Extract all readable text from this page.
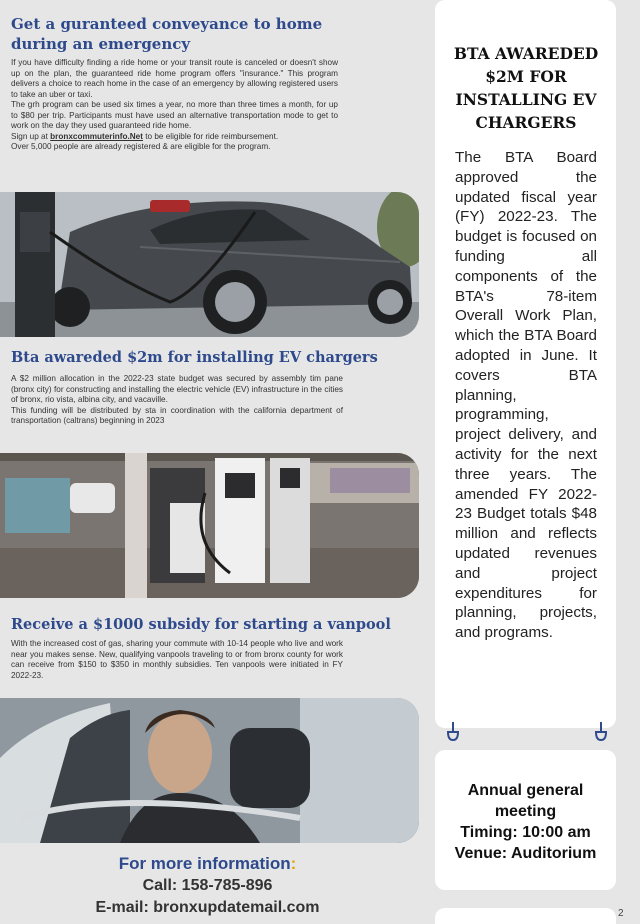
Get a guranteed conveyance to home during an emergency
If you have difficulty finding a ride home or your transit route is canceled or doesn't show up on the plan, the guaranteed ride home program offers "insurance." This program delivers a choice to reach home in the case of an emergency by allowing registered users to take an uber or taxi.
The grh program can be used six times a year, no more than three times a month, for up to $80 per trip. Participants must have used an alternative transportation mode to get to work on the day they used guaranteed ride home.
Sign up at bronxcommuterinfo.Net to be eligible for ride reimbursement.
Over 5,000 people are already registered & are eligible for the program.
Bta awareded $2m for installing EV chargers
A $2 million allocation in the 2022-23 state budget was secured by assembly tim pane (bronx city) for constructing and installing the electric vehicle (EV) infrastructure in the cities of bronx, rio vista, albina city, and vacaville.
This funding will be distributed by sta in coordination with the california department of transportation (caltrans) beginning in 2023
Receive a $1000 subsidy for starting a vanpool
With the increased cost of gas, sharing your commute with 10-14 people who live and work near you makes sense. New, qualifying vanpools traveling to or from bronx county for work can receive from $150 to $350 in monthly subsidies. Ten vanpools were initiated in FY 2022-23.
For more information:
Call: 158-785-896
E-mail: bronxupdatemail.com
BTA AWAREDED $2M FOR INSTALLING EV CHARGERS
The BTA Board approved the updated fiscal year (FY) 2022-23. The budget is focused on funding all components of the BTA's 78-item Overall Work Plan, which the BTA Board adopted in June. It covers BTA planning, programming, project delivery, and activity for the next three years. The amended FY 2022-23 Budget totals $48 million and reflects updated revenues and project expenditures for planning, projects, and programs.
Annual general
meeting
Timing: 10:00 am
Venue: Auditorium
2
